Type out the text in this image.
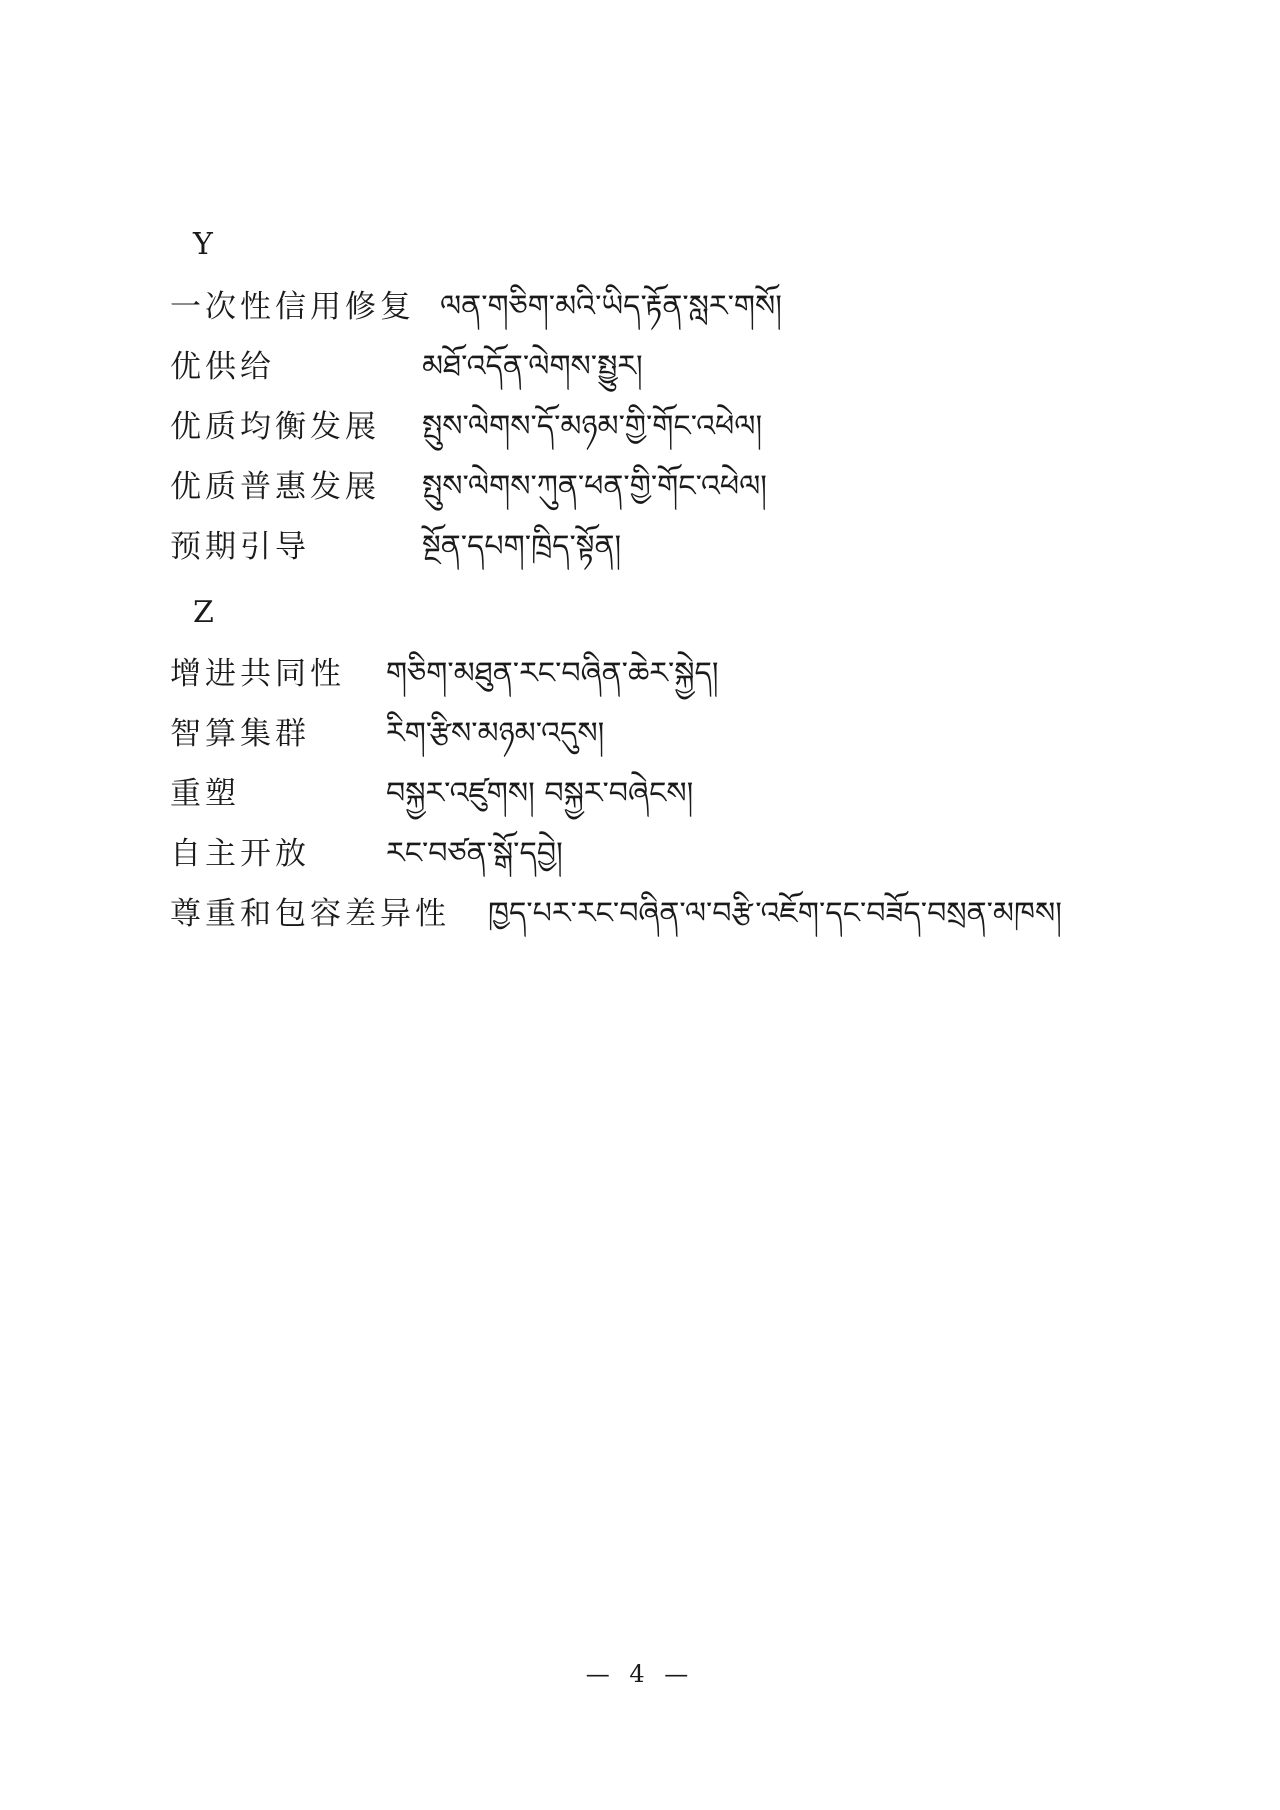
Y
一次性信用修复 ལན་གཅིག་མའི་ཡིད་རྟོན་སླར་གསོ།
优供给	མཐོ་འདོན་ལེགས་སྤྱུར།
优质均衡发展 སྤུས་ལེགས་དོ་མཉམ་གྱི་གོང་འཕེལ།
优质普惠发展 སྤུས་ལེགས་ཀུན་ཕན་གྱི་གོང་འཕེལ།
预期引导	སྔོན་དཔག་ཁྲིད་སྟོན།
Z
增进共同性 གཅིག་མཐུན་རང་བཞིན་ཆེར་སྐྱེད།
智算集群	རིག་རྩིས་མཉམ་འདུས།
重塑	བསྐྱར་འཛུགས། བསྐྱར་བཞེངས།
自主开放	རང་བཙན་སྒོ་དབྱེ།
尊重和包容差异性 ཁྱད་པར་རང་བཞིན་ལ་བརྩི་འཇོག་དང་བཟོད་བསྲན་མཁས།
— 4 —
